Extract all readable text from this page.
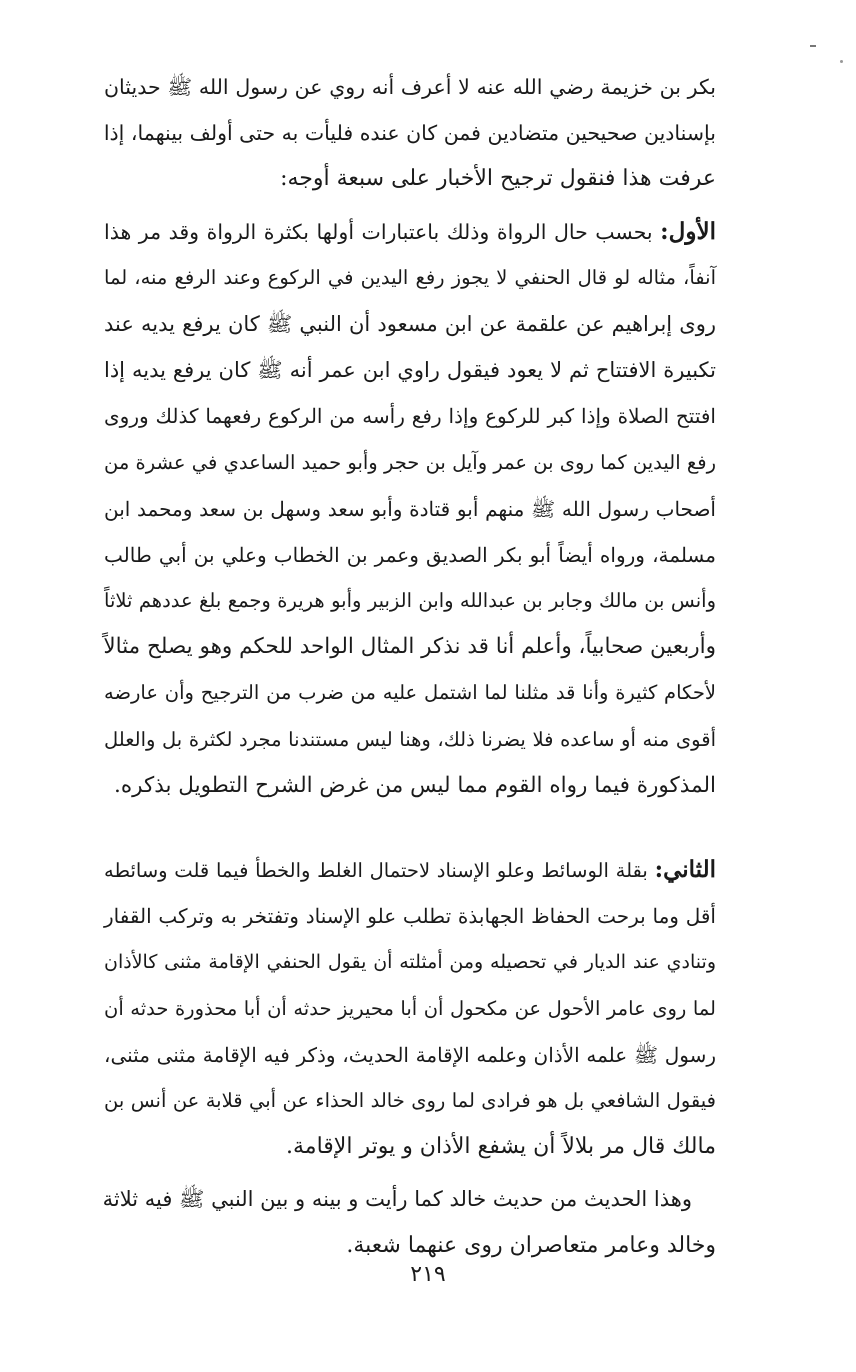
بكر بن خزيمة رضي الله عنه لا أعرف أنه روي عن رسول الله ﷺ حديثان
بإسنادين صحيحين متضادين فمن كان عنده فليأت به حتى أولف بينهما، إذا
عرفت هذا فنقول ترجيح الأخبار على سبعة أوجه:
الأول: بحسب حال الرواة وذلك باعتبارات أولها بكثرة الرواة وقد مر هذا
آنفاً، مثاله لو قال الحنفي لا يجوز رفع اليدين في الركوع وعند الرفع منه، لما
روى إبراهيم عن علقمة عن ابن مسعود أن النبي ﷺ كان يرفع يديه عند
تكبيرة الافتتاح ثم لا يعود فيقول راوي ابن عمر أنه ﷺ كان يرفع يديه إذا
افتتح الصلاة وإذا كبر للركوع وإذا رفع رأسه من الركوع رفعهما كذلك وروى
رفع اليدين كما روى بن عمر وآيل بن حجر وأبو حميد الساعدي في عشرة من
أصحاب رسول الله ﷺ منهم أبو قتادة وأبو سعد وسهل بن سعد ومحمد ابن
مسلمة، ورواه أيضاً أبو بكر الصديق وعمر بن الخطاب وعلي بن أبي طالب
وأنس بن مالك وجابر بن عبدالله وابن الزبير وأبو هريرة وجمع بلغ عددهم ثلاثاً
وأربعين صحابياً، وأعلم أنا قد نذكر المثال الواحد للحكم وهو يصلح مثالاً
لأحكام كثيرة وأنا قد مثلنا لما اشتمل عليه من ضرب من الترجيح وأن عارضه
أقوى منه أو ساعده فلا يضرنا ذلك، وهنا ليس مستندنا مجرد لكثرة بل والعلل
المذكورة فيما رواه القوم مما ليس من غرض الشرح التطويل بذكره.
الثاني: بقلة الوسائط وعلو الإسناد لاحتمال الغلط والخطأ فيما قلت وسائطه
أقل وما برحت الحفاظ الجهابذة تطلب علو الإسناد وتفتخر به وتركب القفار
وتنادي عند الديار في تحصيله ومن أمثلته أن يقول الحنفي الإقامة مثنى كالأذان
لما روى عامر الأحول عن مكحول أن أبا محيريز حدثه أن أبا محذورة حدثه أن
رسول ﷺ علمه الأذان وعلمه الإقامة الحديث، وذكر فيه الإقامة مثنى مثنى،
فيقول الشافعي بل هو فرادى لما روى خالد الحذاء عن أبي قلابة عن أنس بن
مالك قال مر بلالاً أن يشفع الأذان و يوتر الإقامة.
وهذا الحديث من حديث خالد كما رأيت و بينه و بين النبي ﷺ فيه ثلاثة
وخالد وعامر متعاصران روى عنهما شعبة.
٢١٩
